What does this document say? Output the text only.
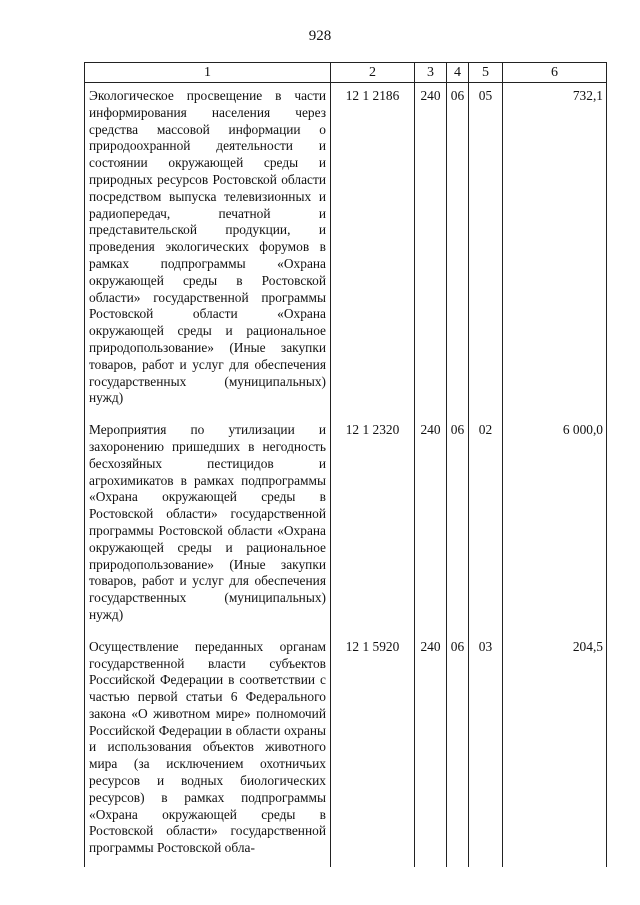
928
1	2	3	4	5	6
Экологическое просвещение в части информирования населения через средства массовой информации о природоохранной деятельности и состоянии окружающей среды и природных ресурсов Ростовской области посредством выпуска телевизионных и радиопередач, печатной и представительской продукции, и проведения экологических форумов в рамках подпрограммы «Охрана окружающей среды в Ростовской области» государственной программы Ростовской области «Охрана окружающей среды и рациональное природопользование» (Иные закупки товаров, работ и услуг для обеспечения государственных (муниципальных) нужд)	12 1 2186	240	06	05	732,1
Мероприятия по утилизации и захоронению пришедших в негодность бесхозяйных пестицидов и агрохимикатов в рамках подпрограммы «Охрана окружающей среды в Ростовской области» государственной программы Ростовской области «Охрана окружающей среды и рациональное природопользование» (Иные закупки товаров, работ и услуг для обеспечения государственных (муниципальных) нужд)	12 1 2320	240	06	02	6 000,0
Осуществление переданных органам государственной власти субъектов Российской Федерации в соответствии с частью первой статьи 6 Федерального закона «О животном мире» полномочий Российской Федерации в области охраны и использования объектов животного мира (за исключением охотничьих ресурсов и водных биологических ресурсов) в рамках подпрограммы «Охрана окружающей среды в Ростовской области» государственной программы Ростовской обла-	12 1 5920	240	06	03	204,5
